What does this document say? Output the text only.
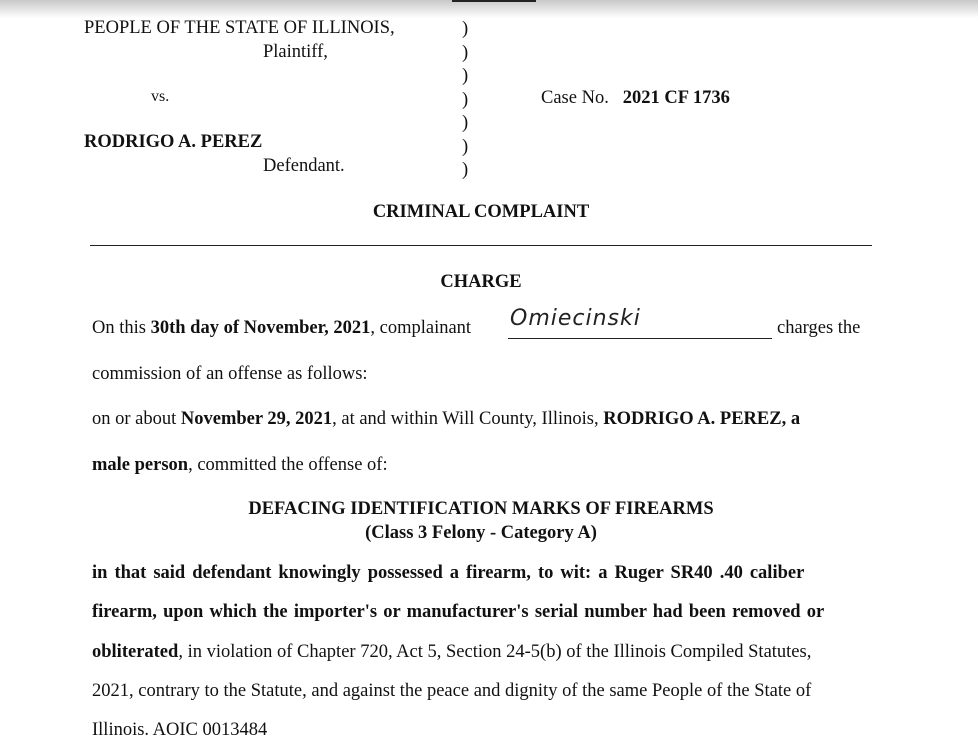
PEOPLE OF THE STATE OF ILLINOIS,
Plaintiff,
vs.
RODRIGO A. PEREZ
Defendant.
)
)
)
)
)
)
)
Case No. 2021 CF 1736
CRIMINAL COMPLAINT
CHARGE
On this 30th day of November, 2021, complainant Omiecinski	charges the
commission of an offense as follows:
on or about November 29, 2021, at and within Will County, Illinois, RODRIGO A. PEREZ, a
male person, committed the offense of:
DEFACING IDENTIFICATION MARKS OF FIREARMS
(Class 3 Felony - Category A)
in that said defendant knowingly possessed a firearm, to wit: a Ruger SR40 .40 caliber
firearm, upon which the importer's or manufacturer's serial number had been removed or
obliterated, in violation of Chapter 720, Act 5, Section 24-5(b) of the Illinois Compiled Statutes,
2021, contrary to the Statute, and against the peace and dignity of the same People of the State of
Illinois. AOIC 0013484
